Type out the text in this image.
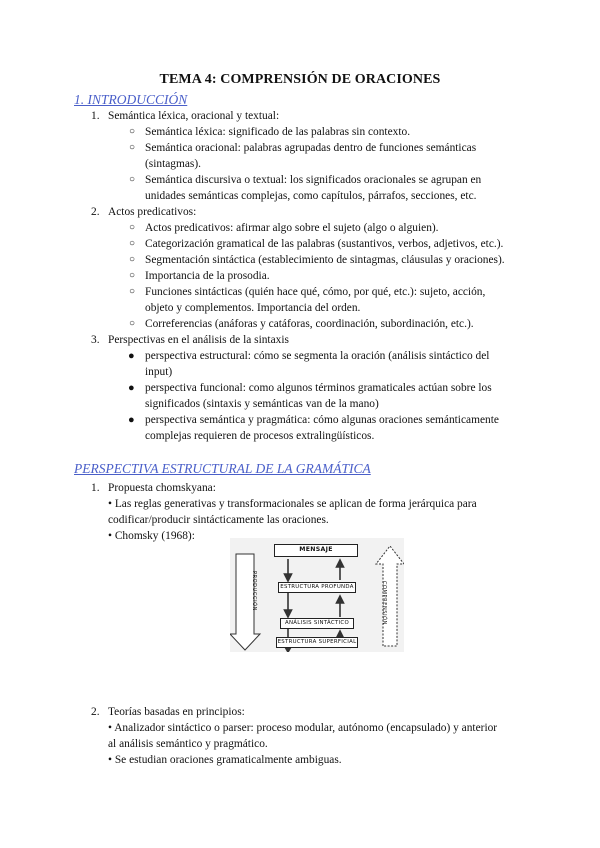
TEMA 4: COMPRENSIÓN DE ORACIONES
1. INTRODUCCIÓN
1. Semántica léxica, oracional y textual:
○ Semántica léxica: significado de las palabras sin contexto.
○ Semántica oracional: palabras agrupadas dentro de funciones semánticas
(sintagmas).
○ Semántica discursiva o textual: los significados oracionales se agrupan en
unidades semánticas complejas, como capítulos, párrafos, secciones, etc.
2. Actos predicativos:
○ Actos predicativos: afirmar algo sobre el sujeto (algo o alguien).
○ Categorización gramatical de las palabras (sustantivos, verbos, adjetivos, etc.).
○ Segmentación sintáctica (establecimiento de sintagmas, cláusulas y oraciones).
○ Importancia de la prosodia.
○ Funciones sintácticas (quién hace qué, cómo, por qué, etc.): sujeto, acción,
objeto y complementos. Importancia del orden.
○ Correferencias (anáforas y catáforas, coordinación, subordinación, etc.).
3. Perspectivas en el análisis de la sintaxis
● perspectiva estructural: cómo se segmenta la oración (análisis sintáctico del
input)
● perspectiva funcional: como algunos términos gramaticales actúan sobre los
significados (sintaxis y semánticas van de la mano)
● perspectiva semántica y pragmática: cómo algunas oraciones semánticamente
complejas requieren de procesos extralingüísticos.
PERSPECTIVA ESTRUCTURAL DE LA GRAMÁTICA
1. Propuesta chomskyana:
• Las reglas generativas y transformacionales se aplican de forma jerárquica para
codificar/producir sintácticamente las oraciones.
• Chomsky (1968):
MENSAJE
ESTRUCTURA PROFUNDA
ANÁLISIS SINTÁCTICO
ESTRUCTURA SUPERFICIAL
PRODUCCIÓN	COMPRENSIÓN
2. Teorías basadas en principios:
• Analizador sintáctico o parser: proceso modular, autónomo (encapsulado) y anterior
al análisis semántico y pragmático.
• Se estudian oraciones gramaticalmente ambiguas.
